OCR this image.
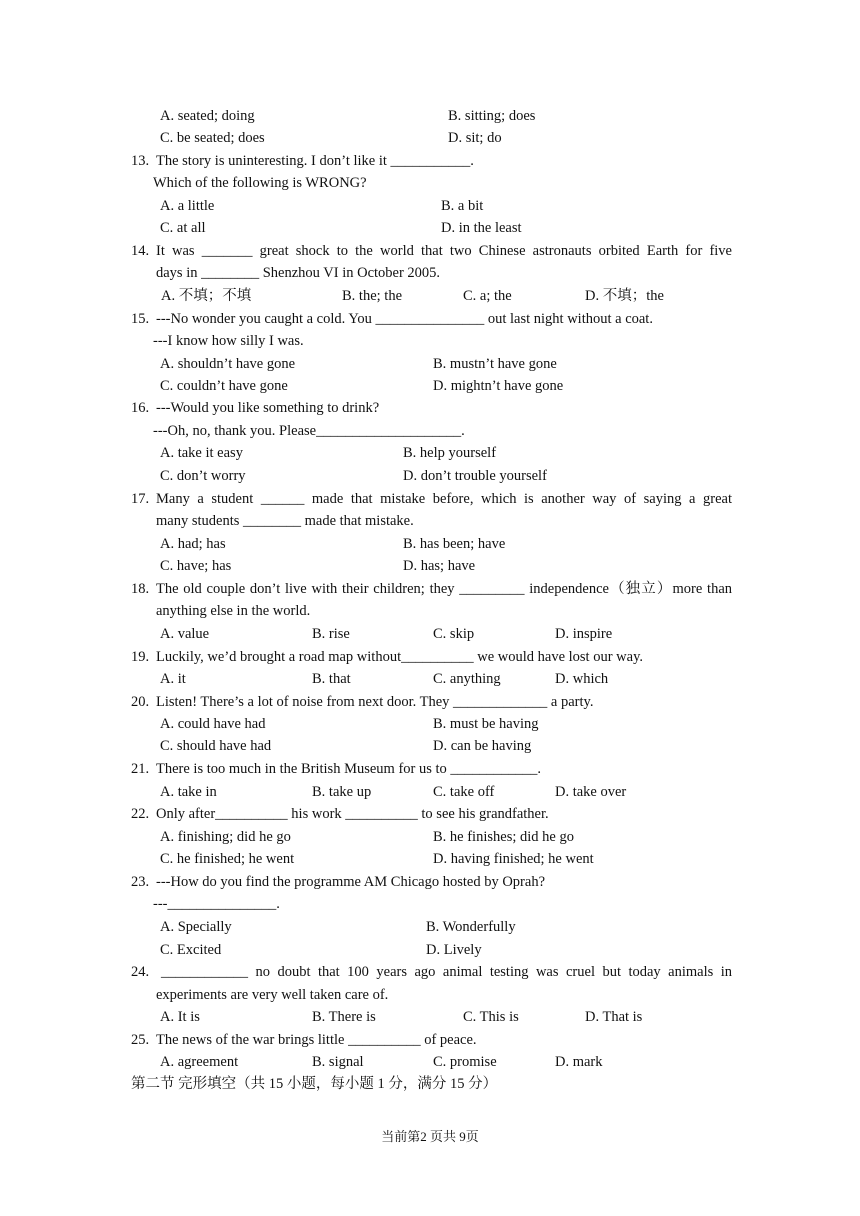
A. seated; doing	B. sitting; does
C. be seated; does	D. sit; do
13. The story is uninteresting. I don’t like it ___________.
Which of the following is WRONG?
A. a little	B. a bit
C. at all	D. in the least
14. It was _______ great shock to the world that two Chinese astronauts orbited Earth for five
days in ________ Shenzhou VI in October 2005.
A. 不填；不填	B. the; the	C. a; the	D. 不填；the
15. ---No wonder you caught a cold. You _______________ out last night without a coat.
---I know how silly I was.
A. shouldn’t have gone	B. mustn’t have gone
C. couldn’t have gone	D. mightn’t have gone
16. ---Would you like something to drink?
---Oh, no, thank you. Please____________________.
A. take it easy	B. help yourself
C. don’t worry	D. don’t trouble yourself
17. Many a student ______ made that mistake before, which is another way of saying a great
many students ________ made that mistake.
A. had; has	B. has been; have
C. have; has	D. has; have
18. The old couple don’t live with their children; they _________ independence（独立）more than
anything else in the world.
A. value	B. rise	C. skip	D. inspire
19. Luckily, we’d brought a road map without__________ we would have lost our way.
A. it	B. that	C. anything	D. which
20. Listen! There’s a lot of noise from next door. They _____________ a party.
A. could have had	B. must be having
C. should have had	D. can be having
21. There is too much in the British Museum for us to ____________.
A. take in	B. take up	C. take off	D. take over
22. Only after__________ his work __________ to see his grandfather.
A. finishing; did he go	B. he finishes; did he go
C. he finished; he went	D. having finished; he went
23. ---How do you find the programme AM Chicago hosted by Oprah?
---_______________.
A. Specially	B. Wonderfully
C. Excited	D. Lively
24. ____________ no doubt that 100 years ago animal testing was cruel but today animals in
experiments are very well taken care of.
A. It is	B. There is	C. This is	D. That is
25. The news of the war brings little __________ of peace.
A. agreement	B. signal	C. promise	D. mark
第二节 完形填空（共 15 小题，每小题 1 分，满分 15 分）
当前第2 页共 9页
